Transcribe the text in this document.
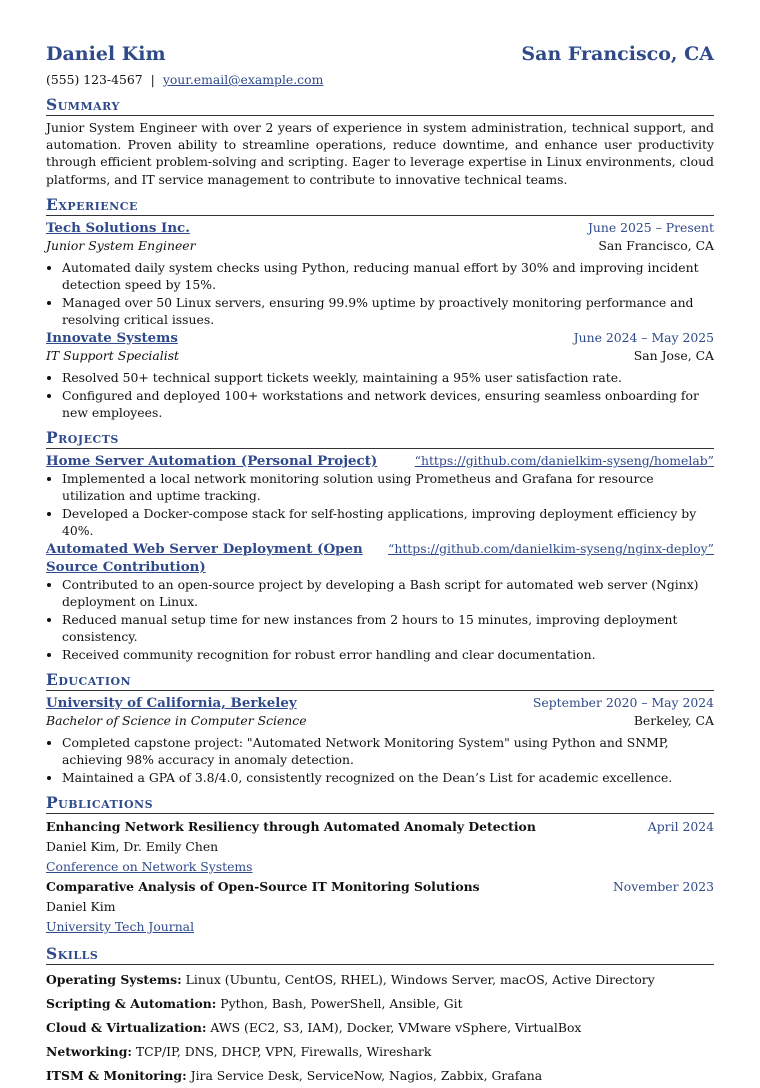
Daniel Kim	San Francisco, CA
(555) 123-4567 | your.email@example.com
Summary
Junior System Engineer with over 2 years of experience in system administration, technical support, and automation. Proven ability to streamline operations, reduce downtime, and enhance user productivity through efficient problem-solving and scripting. Eager to leverage expertise in Linux environments, cloud platforms, and IT service management to contribute to innovative technical teams.
Experience
Tech Solutions Inc.	June 2025 – Present
Junior System Engineer	San Francisco, CA
• Automated daily system checks using Python, reducing manual effort by 30% and improving incident detection speed by 15%.
• Managed over 50 Linux servers, ensuring 99.9% uptime by proactively monitoring performance and resolving critical issues.
Innovate Systems	June 2024 – May 2025
IT Support Specialist	San Jose, CA
• Resolved 50+ technical support tickets weekly, maintaining a 95% user satisfaction rate.
• Configured and deployed 100+ workstations and network devices, ensuring seamless onboarding for new employees.
Projects
Home Server Automation (Personal Project)	“https://github.com/danielkim-syseng/homelab”
• Implemented a local network monitoring solution using Prometheus and Grafana for resource utilization and uptime tracking.
• Developed a Docker-compose stack for self-hosting applications, improving deployment efficiency by 40%.
Automated Web Server Deployment (Open Source Contribution)
“https://github.com/danielkim-syseng/nginx-deploy”
• Contributed to an open-source project by developing a Bash script for automated web server (Nginx) deployment on Linux.
• Reduced manual setup time for new instances from 2 hours to 15 minutes, improving deployment consistency.
• Received community recognition for robust error handling and clear documentation.
Education
University of California, Berkeley	September 2020 – May 2024
Bachelor of Science in Computer Science	Berkeley, CA
• Completed capstone project: "Automated Network Monitoring System" using Python and SNMP, achieving 98% accuracy in anomaly detection.
• Maintained a GPA of 3.8/4.0, consistently recognized on the Dean’s List for academic excellence.
Publications
Enhancing Network Resiliency through Automated Anomaly Detection	April 2024
Daniel Kim, Dr. Emily Chen
Conference on Network Systems
Comparative Analysis of Open-Source IT Monitoring Solutions	November 2023
Daniel Kim
University Tech Journal
Skills
Operating Systems: Linux (Ubuntu, CentOS, RHEL), Windows Server, macOS, Active Directory
Scripting & Automation: Python, Bash, PowerShell, Ansible, Git
Cloud & Virtualization: AWS (EC2, S3, IAM), Docker, VMware vSphere, VirtualBox
Networking: TCP/IP, DNS, DHCP, VPN, Firewalls, Wireshark
ITSM & Monitoring: Jira Service Desk, ServiceNow, Nagios, Zabbix, Grafana
